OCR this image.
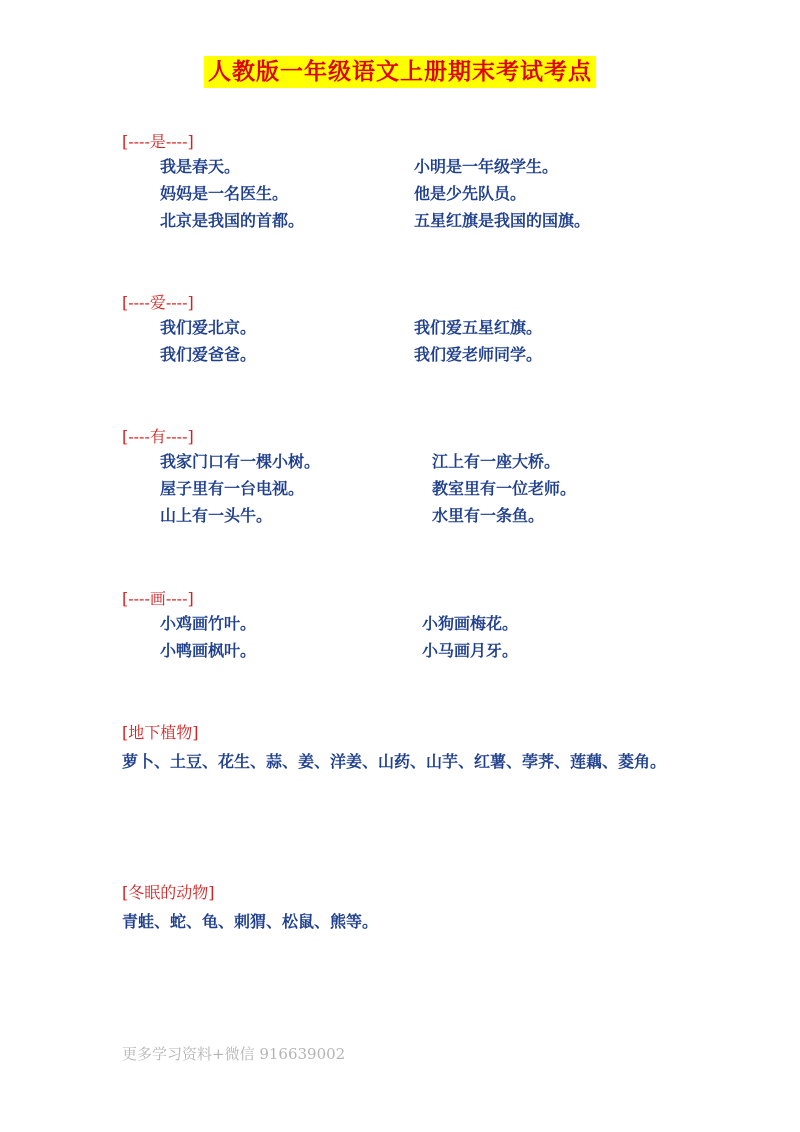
人教版一年级语文上册期末考试考点
[----是----]
我是春天。	小明是一年级学生。
妈妈是一名医生。	他是少先队员。
北京是我国的首都。	五星红旗是我国的国旗。
[----爱----]
我们爱北京。	我们爱五星红旗。
我们爱爸爸。	我们爱老师同学。
[----有----]
我家门口有一棵小树。	江上有一座大桥。
屋子里有一台电视。	教室里有一位老师。
山上有一头牛。	水里有一条鱼。
[----画----]
小鸡画竹叶。	小狗画梅花。
小鸭画枫叶。	小马画月牙。
[地下植物]

萝卜、土豆、花生、蒜、姜、洋姜、山药、山芋、红薯、荸荠、莲藕、菱角。

[冬眠的动物]

青蛙、蛇、龟、刺猬、松鼠、熊等。

更多学习资料+微信 916639002
